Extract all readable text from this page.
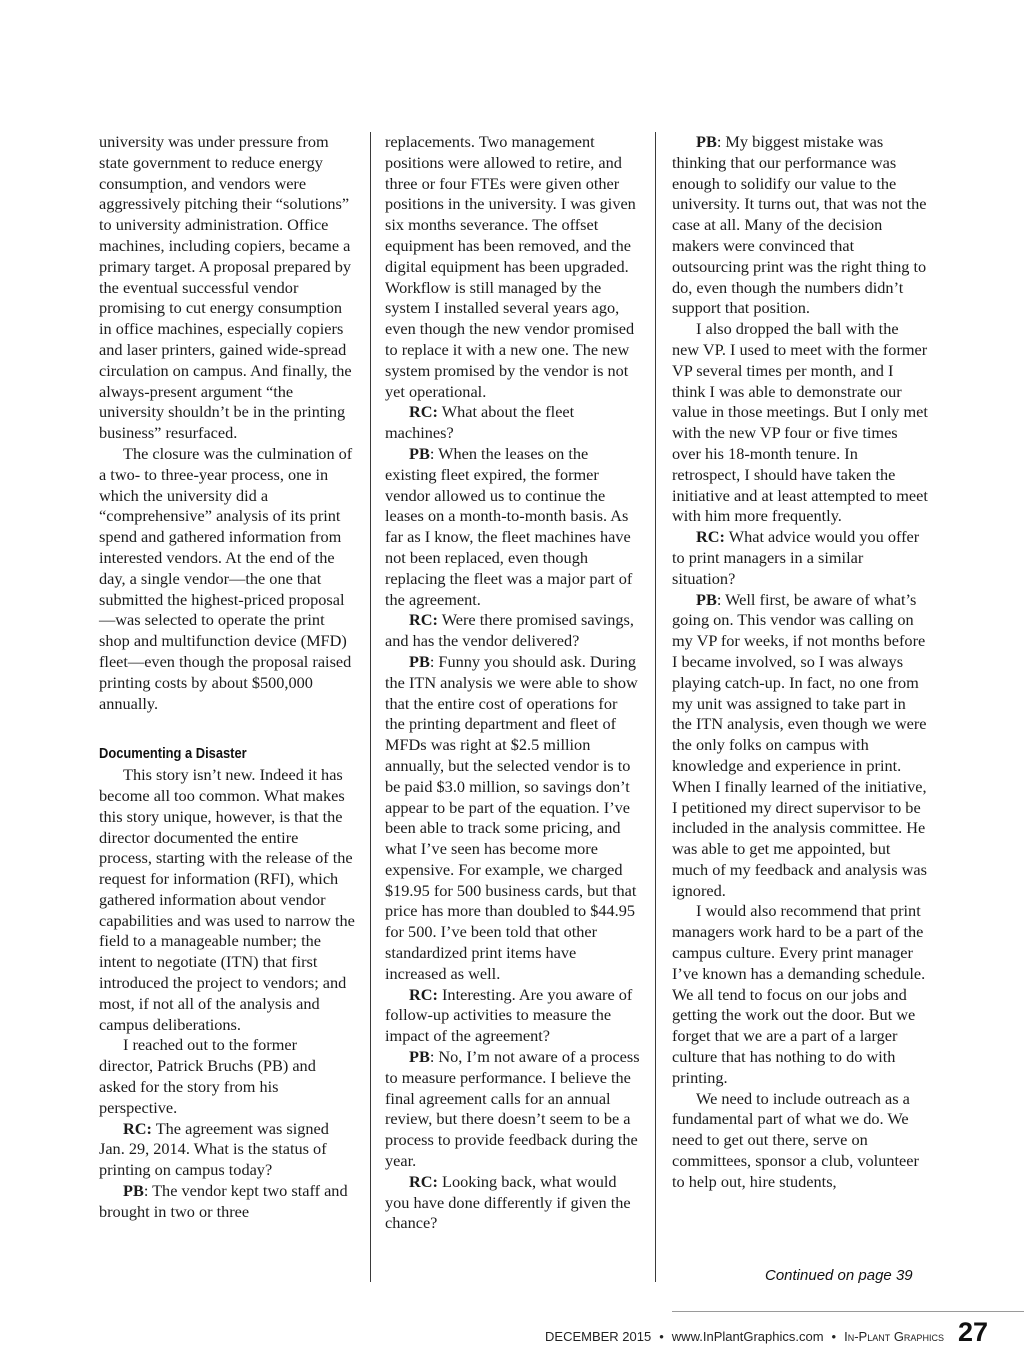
university was under pressure from state government to reduce energy consumption, and vendors were aggressively pitching their “solutions” to university administration. Office machines, including copiers, became a primary target. A proposal prepared by the eventual successful vendor promising to cut energy consumption in office machines, especially copiers and laser printers, gained wide-spread circulation on campus. And finally, the always-present argument “the university shouldn’t be in the printing business” resurfaced.

The closure was the culmination of a two- to three-year process, one in which the university did a “comprehensive” analysis of its print spend and gathered information from interested vendors. At the end of the day, a single vendor—the one that submitted the highest-priced proposal—was selected to operate the print shop and multifunction device (MFD) fleet—even though the proposal raised printing costs by about $500,000 annually.

Documenting a Disaster

This story isn’t new. Indeed it has become all too common. What makes this story unique, however, is that the director documented the entire process, starting with the release of the request for information (RFI), which gathered information about vendor capabilities and was used to narrow the field to a manageable number; the intent to negotiate (ITN) that first introduced the project to vendors; and most, if not all of the analysis and campus deliberations.

I reached out to the former director, Patrick Bruchs (PB) and asked for the story from his perspective.

RC: The agreement was signed Jan. 29, 2014. What is the status of printing on campus today?

PB: The vendor kept two staff and brought in two or three

replacements. Two management positions were allowed to retire, and three or four FTEs were given other positions in the university. I was given six months severance. The offset equipment has been removed, and the digital equipment has been upgraded. Workflow is still managed by the system I installed several years ago, even though the new vendor promised to replace it with a new one. The new system promised by the vendor is not yet operational.

RC: What about the fleet machines?

PB: When the leases on the existing fleet expired, the former vendor allowed us to continue the leases on a month-to-month basis. As far as I know, the fleet machines have not been replaced, even though replacing the fleet was a major part of the agreement.

RC: Were there promised savings, and has the vendor delivered?

PB: Funny you should ask. During the ITN analysis we were able to show that the entire cost of operations for the printing department and fleet of MFDs was right at $2.5 million annually, but the selected vendor is to be paid $3.0 million, so savings don’t appear to be part of the equation. I’ve been able to track some pricing, and what I’ve seen has become more expensive. For example, we charged $19.95 for 500 business cards, but that price has more than doubled to $44.95 for 500. I’ve been told that other standardized print items have increased as well.

RC: Interesting. Are you aware of follow-up activities to measure the impact of the agreement?

PB: No, I’m not aware of a process to measure performance. I believe the final agreement calls for an annual review, but there doesn’t seem to be a process to provide feedback during the year.

RC: Looking back, what would you have done differently if given the chance?

PB: My biggest mistake was thinking that our performance was enough to solidify our value to the university. It turns out, that was not the case at all. Many of the decision makers were convinced that outsourcing print was the right thing to do, even though the numbers didn’t support that position.

I also dropped the ball with the new VP. I used to meet with the former VP several times per month, and I think I was able to demonstrate our value in those meetings. But I only met with the new VP four or five times over his 18-month tenure. In retrospect, I should have taken the initiative and at least attempted to meet with him more frequently.

RC: What advice would you offer to print managers in a similar situation?

PB: Well first, be aware of what’s going on. This vendor was calling on my VP for weeks, if not months before I became involved, so I was always playing catch-up. In fact, no one from my unit was assigned to take part in the ITN analysis, even though we were the only folks on campus with knowledge and experience in print. When I finally learned of the initiative, I petitioned my direct supervisor to be included in the analysis committee. He was able to get me appointed, but much of my feedback and analysis was ignored.

I would also recommend that print managers work hard to be a part of the campus culture. Every print manager I’ve known has a demanding schedule. We all tend to focus on our jobs and getting the work out the door. But we forget that we are a part of a larger culture that has nothing to do with printing.

We need to include outreach as a fundamental part of what we do. We need to get out there, serve on committees, sponsor a club, volunteer to help out, hire students,

Continued on page 39
DECEMBER 2015 • www.InPlantGraphics.com • In-Plant Graphics 27
